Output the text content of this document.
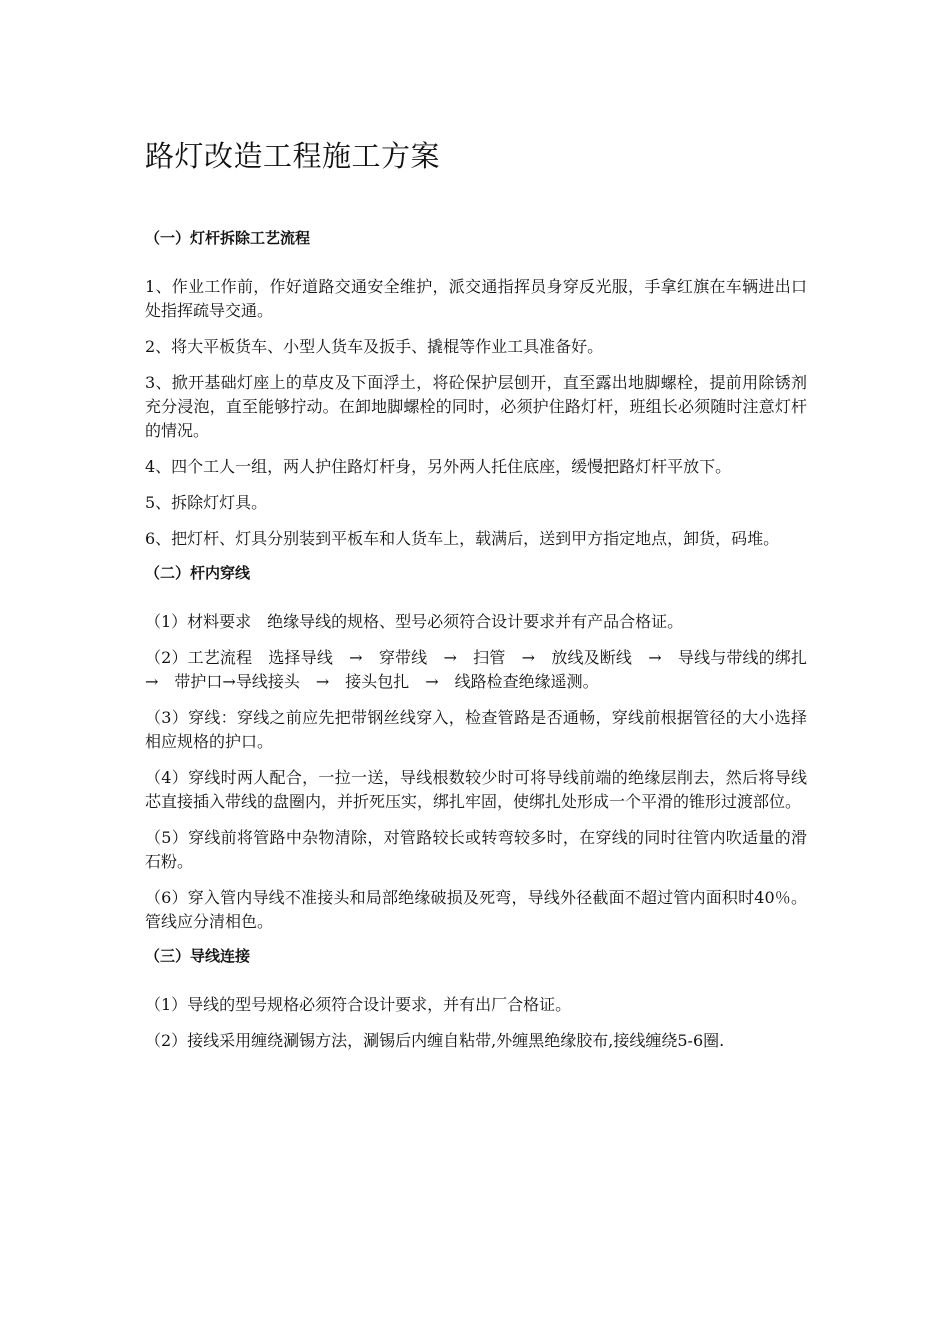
路灯改造工程施工方案

（一）灯杆拆除工艺流程

1、作业工作前，作好道路交通安全维护，派交通指挥员身穿反光服，手拿红旗在车辆进出口处指挥疏导交通。

2、将大平板货车、小型人货车及扳手、撬棍等作业工具准备好。

3、掀开基础灯座上的草皮及下面浮土，将砼保护层刨开，直至露出地脚螺栓，提前用除锈剂充分浸泡，直至能够拧动。在卸地脚螺栓的同时，必须护住路灯杆，班组长必须随时注意灯杆的情况。

4、四个工人一组，两人护住路灯杆身，另外两人托住底座，缓慢把路灯杆平放下。

5、拆除灯灯具。

6、把灯杆、灯具分别装到平板车和人货车上，载满后，送到甲方指定地点，卸货，码堆。

（二）杆内穿线

（1）材料要求　绝缘导线的规格、型号必须符合设计要求并有产品合格证。

（2）工艺流程　选择导线　→　穿带线　→　扫管　→　放线及断线　→　导线与带线的绑扎　→　带护口→导线接头　→　接头包扎　→　线路检查绝缘遥测。

（3）穿线：穿线之前应先把带钢丝线穿入，检查管路是否通畅，穿线前根据管径的大小选择相应规格的护口。

（4）穿线时两人配合，一拉一送，导线根数较少时可将导线前端的绝缘层削去，然后将导线芯直接插入带线的盘圈内，并折死压实，绑扎牢固，使绑扎处形成一个平滑的锥形过渡部位。

（5）穿线前将管路中杂物清除，对管路较长或转弯较多时，在穿线的同时往管内吹适量的滑石粉。

（6）穿入管内导线不准接头和局部绝缘破损及死弯，导线外径截面不超过管内面积时40％。管线应分清相色。

（三）导线连接

（1）导线的型号规格必须符合设计要求，并有出厂合格证。

（2）接线采用缠绕涮锡方法，涮锡后内缠自粘带,外缠黑绝缘胶布,接线缠绕5-6圈.
